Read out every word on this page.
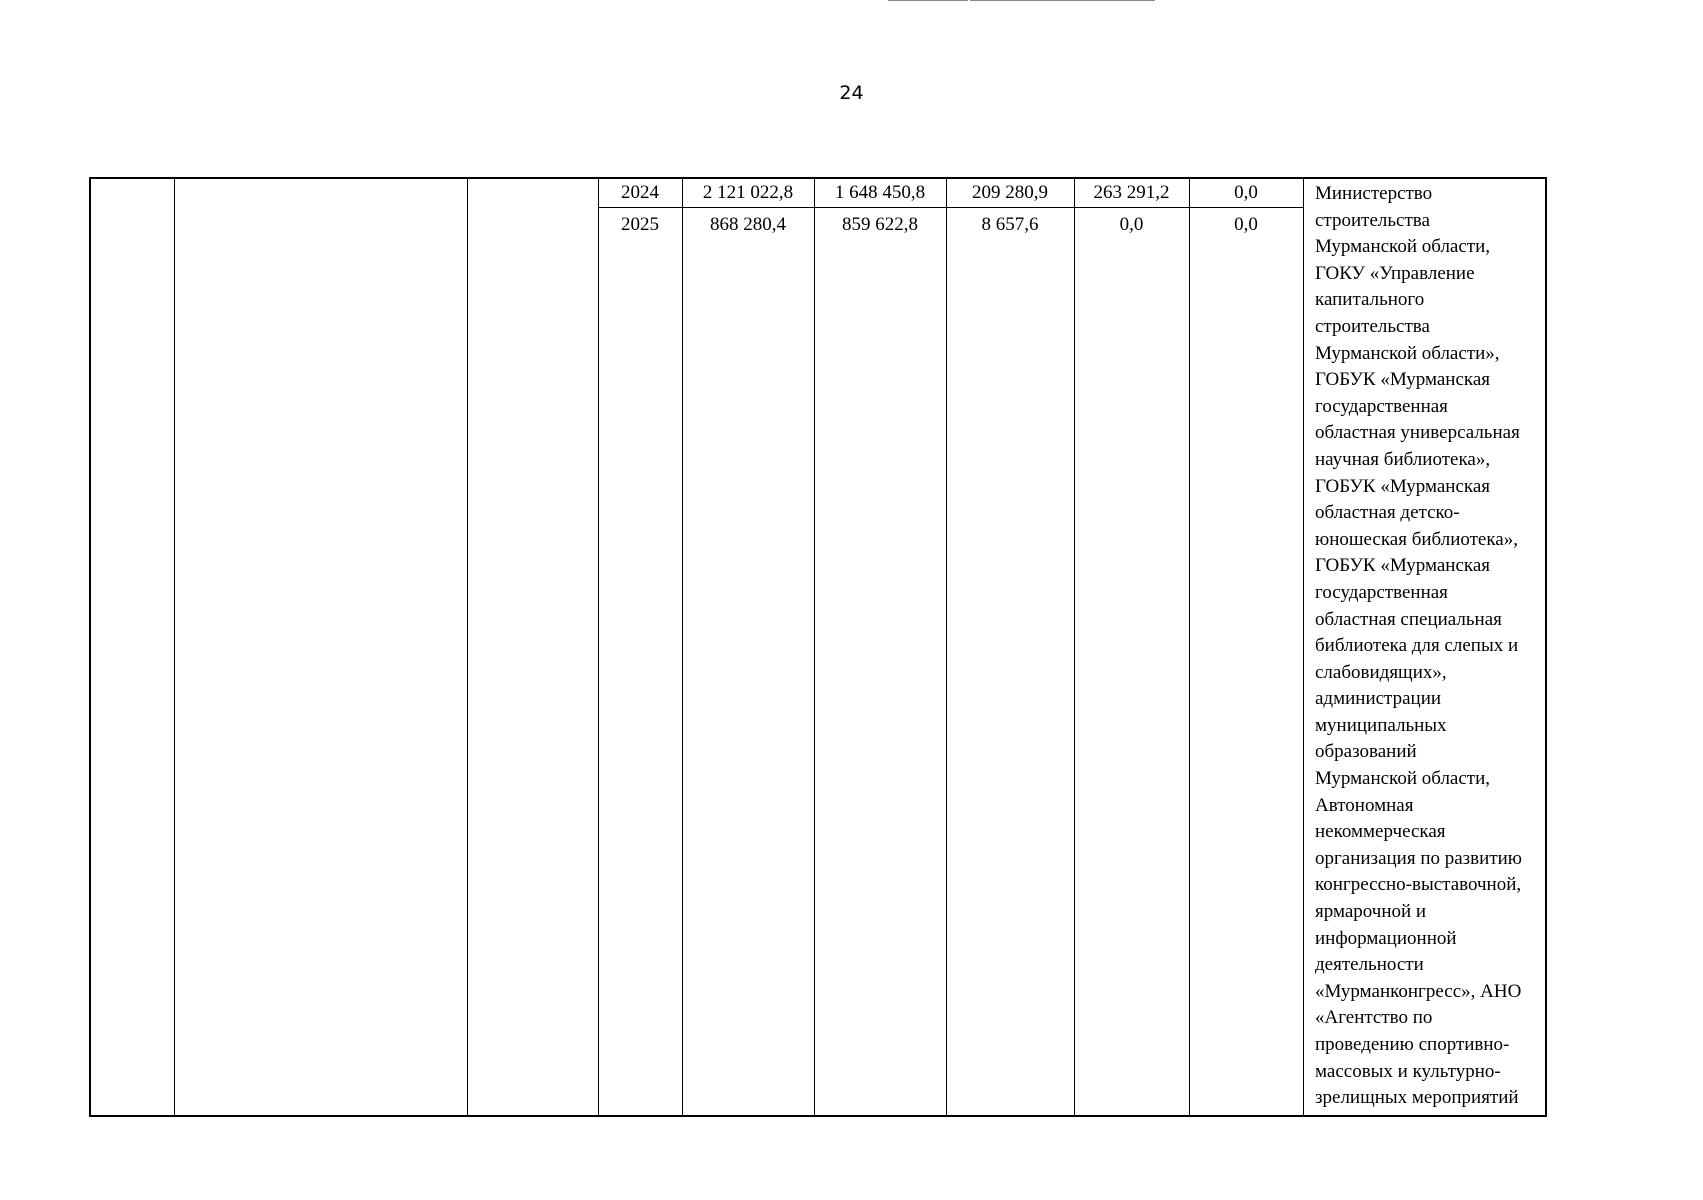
24
2024	2 121 022,8	1 648 450,8	209 280,9	263 291,2	0,0
2025	868 280,4	859 622,8	8 657,6	0,0	0,0

Министерство
строительства
Мурманской области,
ГОКУ «Управление
капитального
строительства
Мурманской области»,
ГОБУК «Мурманская
государственная
областная универсальная
научная библиотека»,
ГОБУК «Мурманская
областная детско-
юношеская библиотека»,
ГОБУК «Мурманская
государственная
областная специальная
библиотека для слепых и
слабовидящих»,
администрации
муниципальных
образований
Мурманской области,
Автономная
некоммерческая
организация по развитию
конгрессно-выставочной,
ярмарочной и
информационной
деятельности
«Мурманконгресс», АНО
«Агентство по
проведению спортивно-
массовых и культурно-
зрелищных мероприятий
